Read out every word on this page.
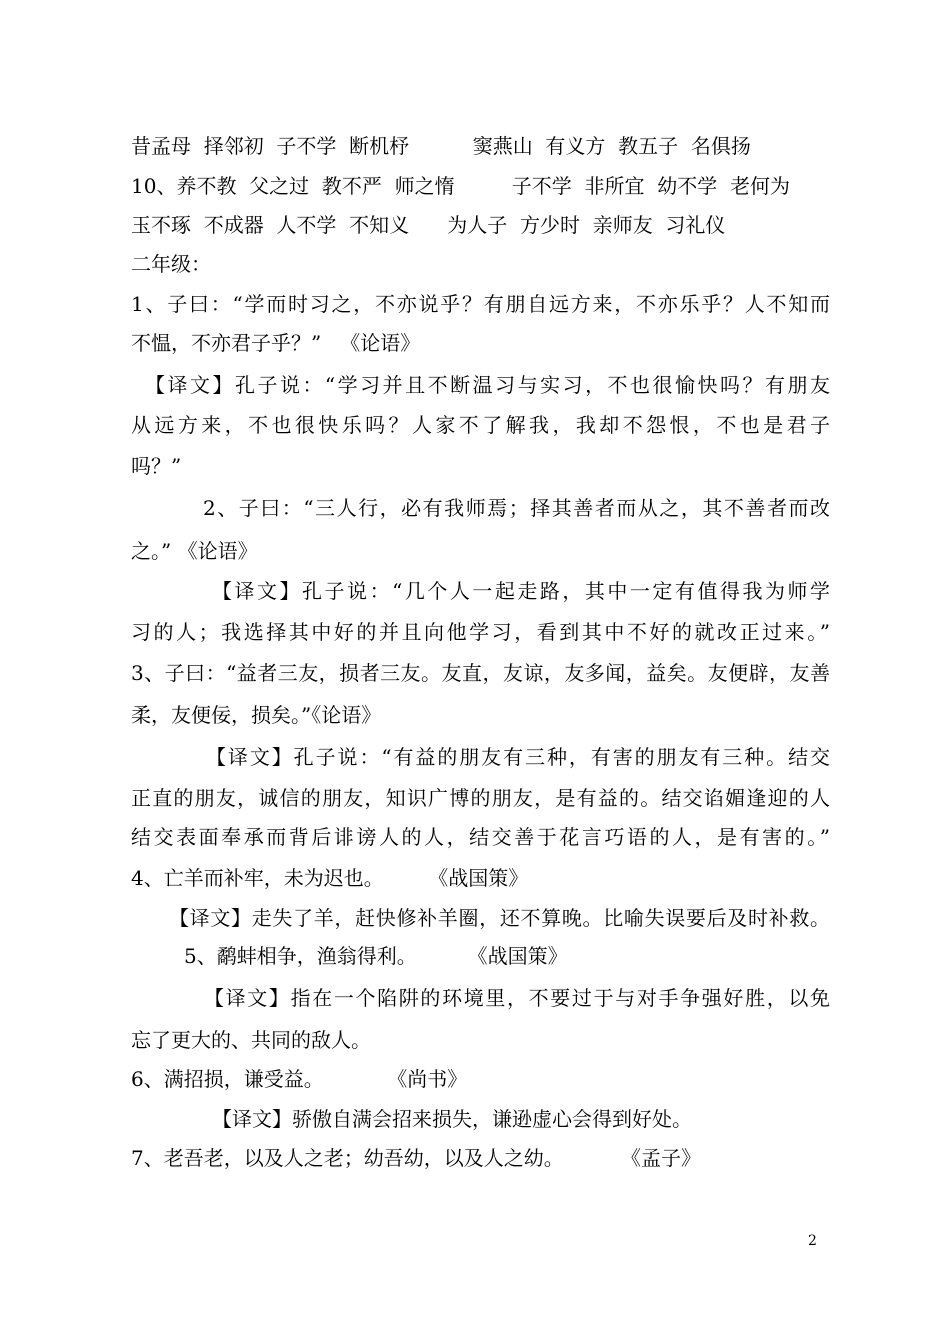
昔孟母  择邻初  子不学  断机杼          窦燕山  有义方  教五子  名俱扬
10、养不教  父之过  教不严  师之惰         子不学  非所宜  幼不学  老何为
玉不琢  不成器  人不学  不知义      为人子  方少时  亲师友  习礼仪
二年级：
1、子曰：“学而时习之，不亦说乎？有朋自远方来，不亦乐乎？人不知而
不愠，不亦君子乎？”   《论语》
【译文】孔子说：“学习并且不断温习与实习，不也很愉快吗？有朋友
从远方来，不也很快乐吗？人家不了解我，我却不怨恨，不也是君子
吗？”
2、子曰：“三人行，必有我师焉；择其善者而从之，其不善者而改
之。” 《论语》
【译文】孔子说：“几个人一起走路，其中一定有值得我为师学
习的人；我选择其中好的并且向他学习，看到其中不好的就改正过来。”
3、子曰：“益者三友，损者三友。友直，友谅，友多闻，益矣。友便辟，友善
柔，友便佞，损矣。”《论语》
【译文】孔子说：“有益的朋友有三种，有害的朋友有三种。结交
正直的朋友，诚信的朋友，知识广博的朋友，是有益的。结交谄媚逢迎的人
结交表面奉承而背后诽谤人的人，结交善于花言巧语的人，是有害的。”
4、亡羊而补牢，未为迟也。       《战国策》
【译文】走失了羊，赶快修补羊圈，还不算晚。比喻失误要后及时补救。
5、鹬蚌相争，渔翁得利。        《战国策》
【译文】指在一个陷阱的环境里，不要过于与对手争强好胜，以免
忘了更大的、共同的敌人。
6、满招损，谦受益。          《尚书》
【译文】骄傲自满会招来损失，谦逊虚心会得到好处。
7、老吾老，以及人之老；幼吾幼，以及人之幼。         《孟子》
2
